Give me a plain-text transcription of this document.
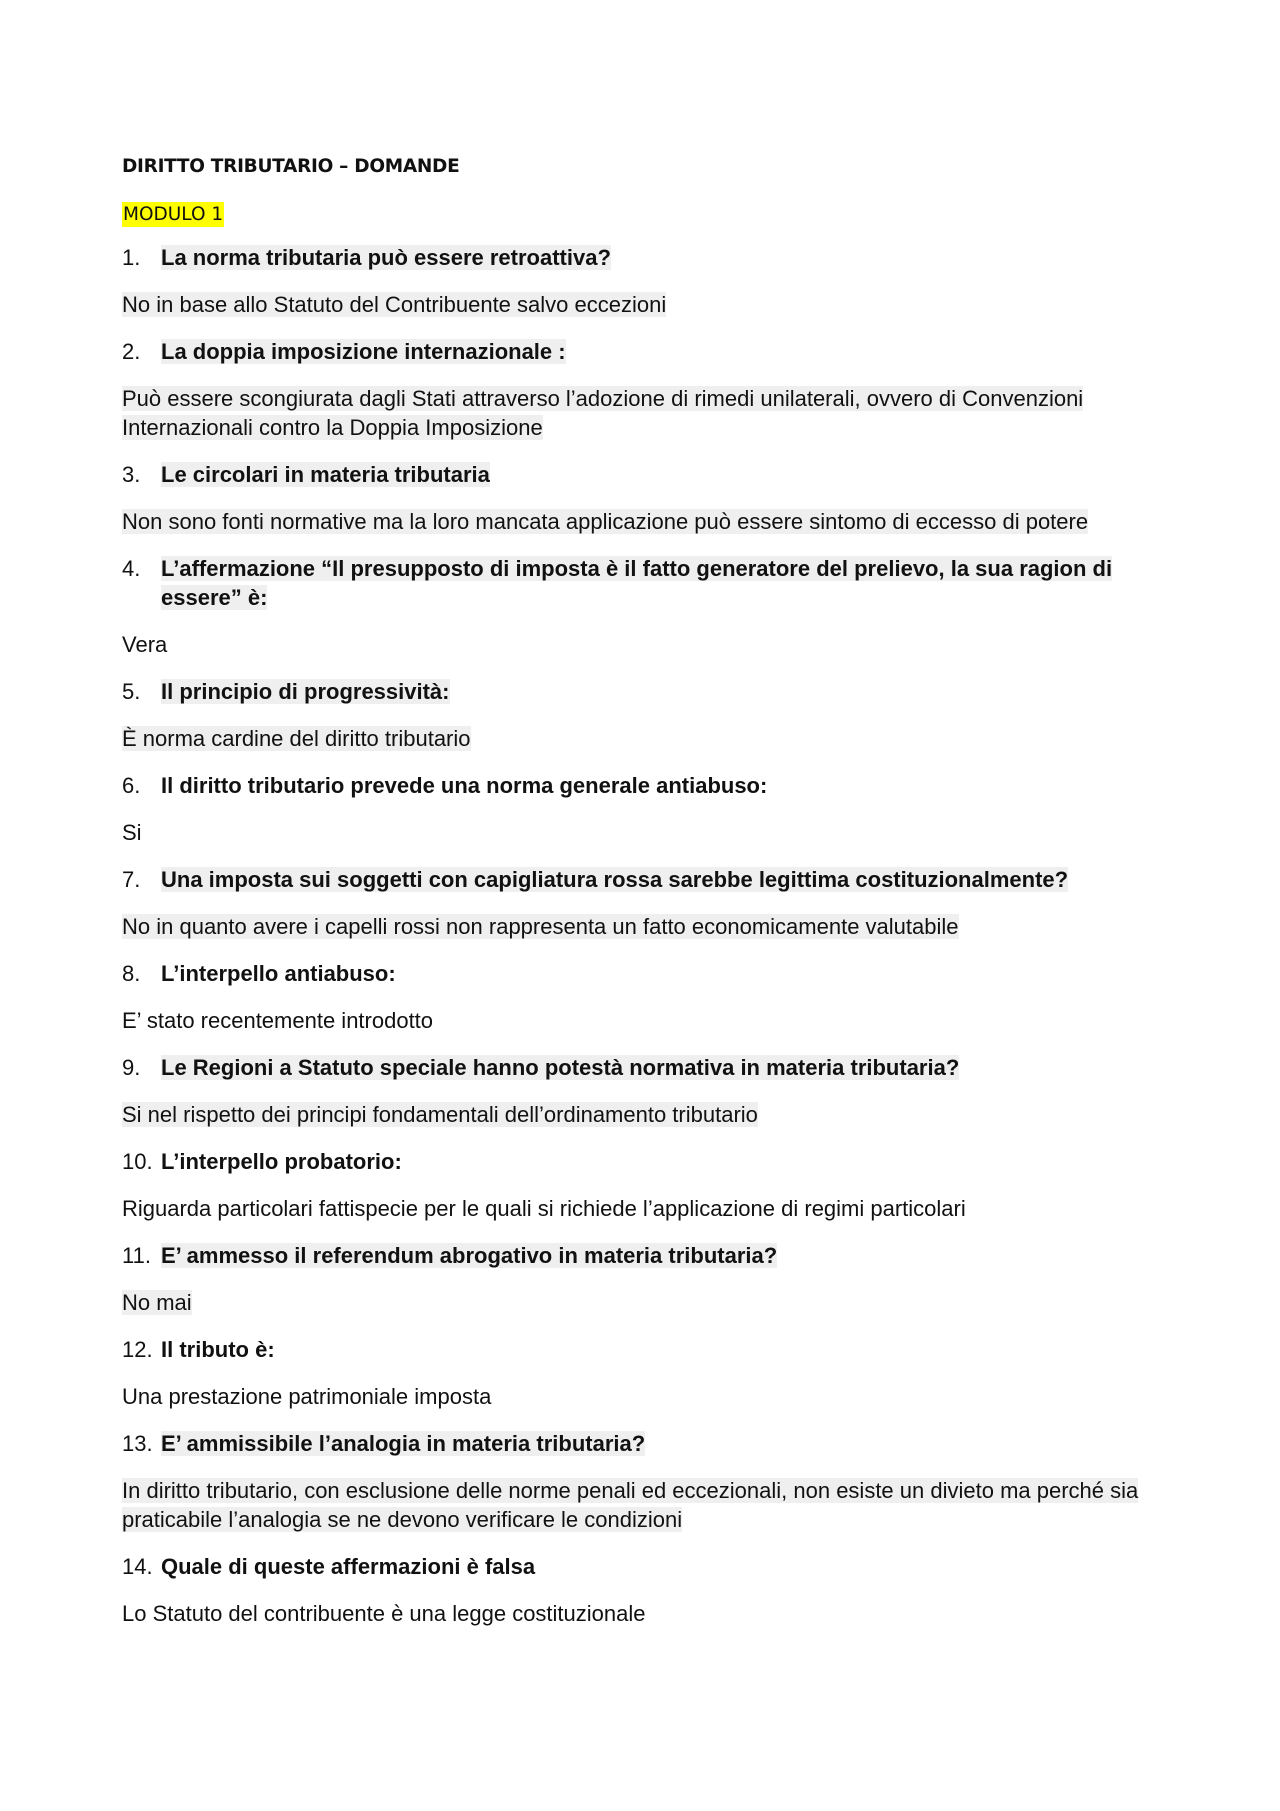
DIRITTO TRIBUTARIO – DOMANDE
MODULO 1
1. La norma tributaria può essere retroattiva?
No in base allo Statuto del Contribuente salvo eccezioni
2. La doppia imposizione internazionale :
Può essere scongiurata dagli Stati attraverso l’adozione di rimedi unilaterali, ovvero di Convenzioni Internazionali contro la Doppia Imposizione
3. Le circolari in materia tributaria
Non sono fonti normative ma la loro mancata applicazione può essere sintomo di eccesso di potere
4. L’affermazione “Il presupposto di imposta è il fatto generatore del prelievo, la sua ragion di essere” è:
Vera
5. Il principio di progressività:
È norma cardine del diritto tributario
6. Il diritto tributario prevede una norma generale antiabuso:
Si
7. Una imposta sui soggetti con capigliatura rossa sarebbe legittima costituzionalmente?
No in quanto avere i capelli rossi non rappresenta un fatto economicamente valutabile
8. L’interpello antiabuso:
E’ stato recentemente introdotto
9. Le Regioni a Statuto speciale hanno potestà normativa in materia tributaria?
Si nel rispetto dei principi fondamentali dell’ordinamento tributario
10. L’interpello probatorio:
Riguarda particolari fattispecie per le quali si richiede l’applicazione di regimi particolari
11. E’ ammesso il referendum abrogativo in materia tributaria?
No mai
12. Il tributo è:
Una prestazione patrimoniale imposta
13. E’ ammissibile l’analogia in materia tributaria?
In diritto tributario, con esclusione delle norme penali ed eccezionali, non esiste un divieto ma perché sia praticabile l’analogia se ne devono verificare le condizioni
14. Quale di queste affermazioni è falsa
Lo Statuto del contribuente è una legge costituzionale
